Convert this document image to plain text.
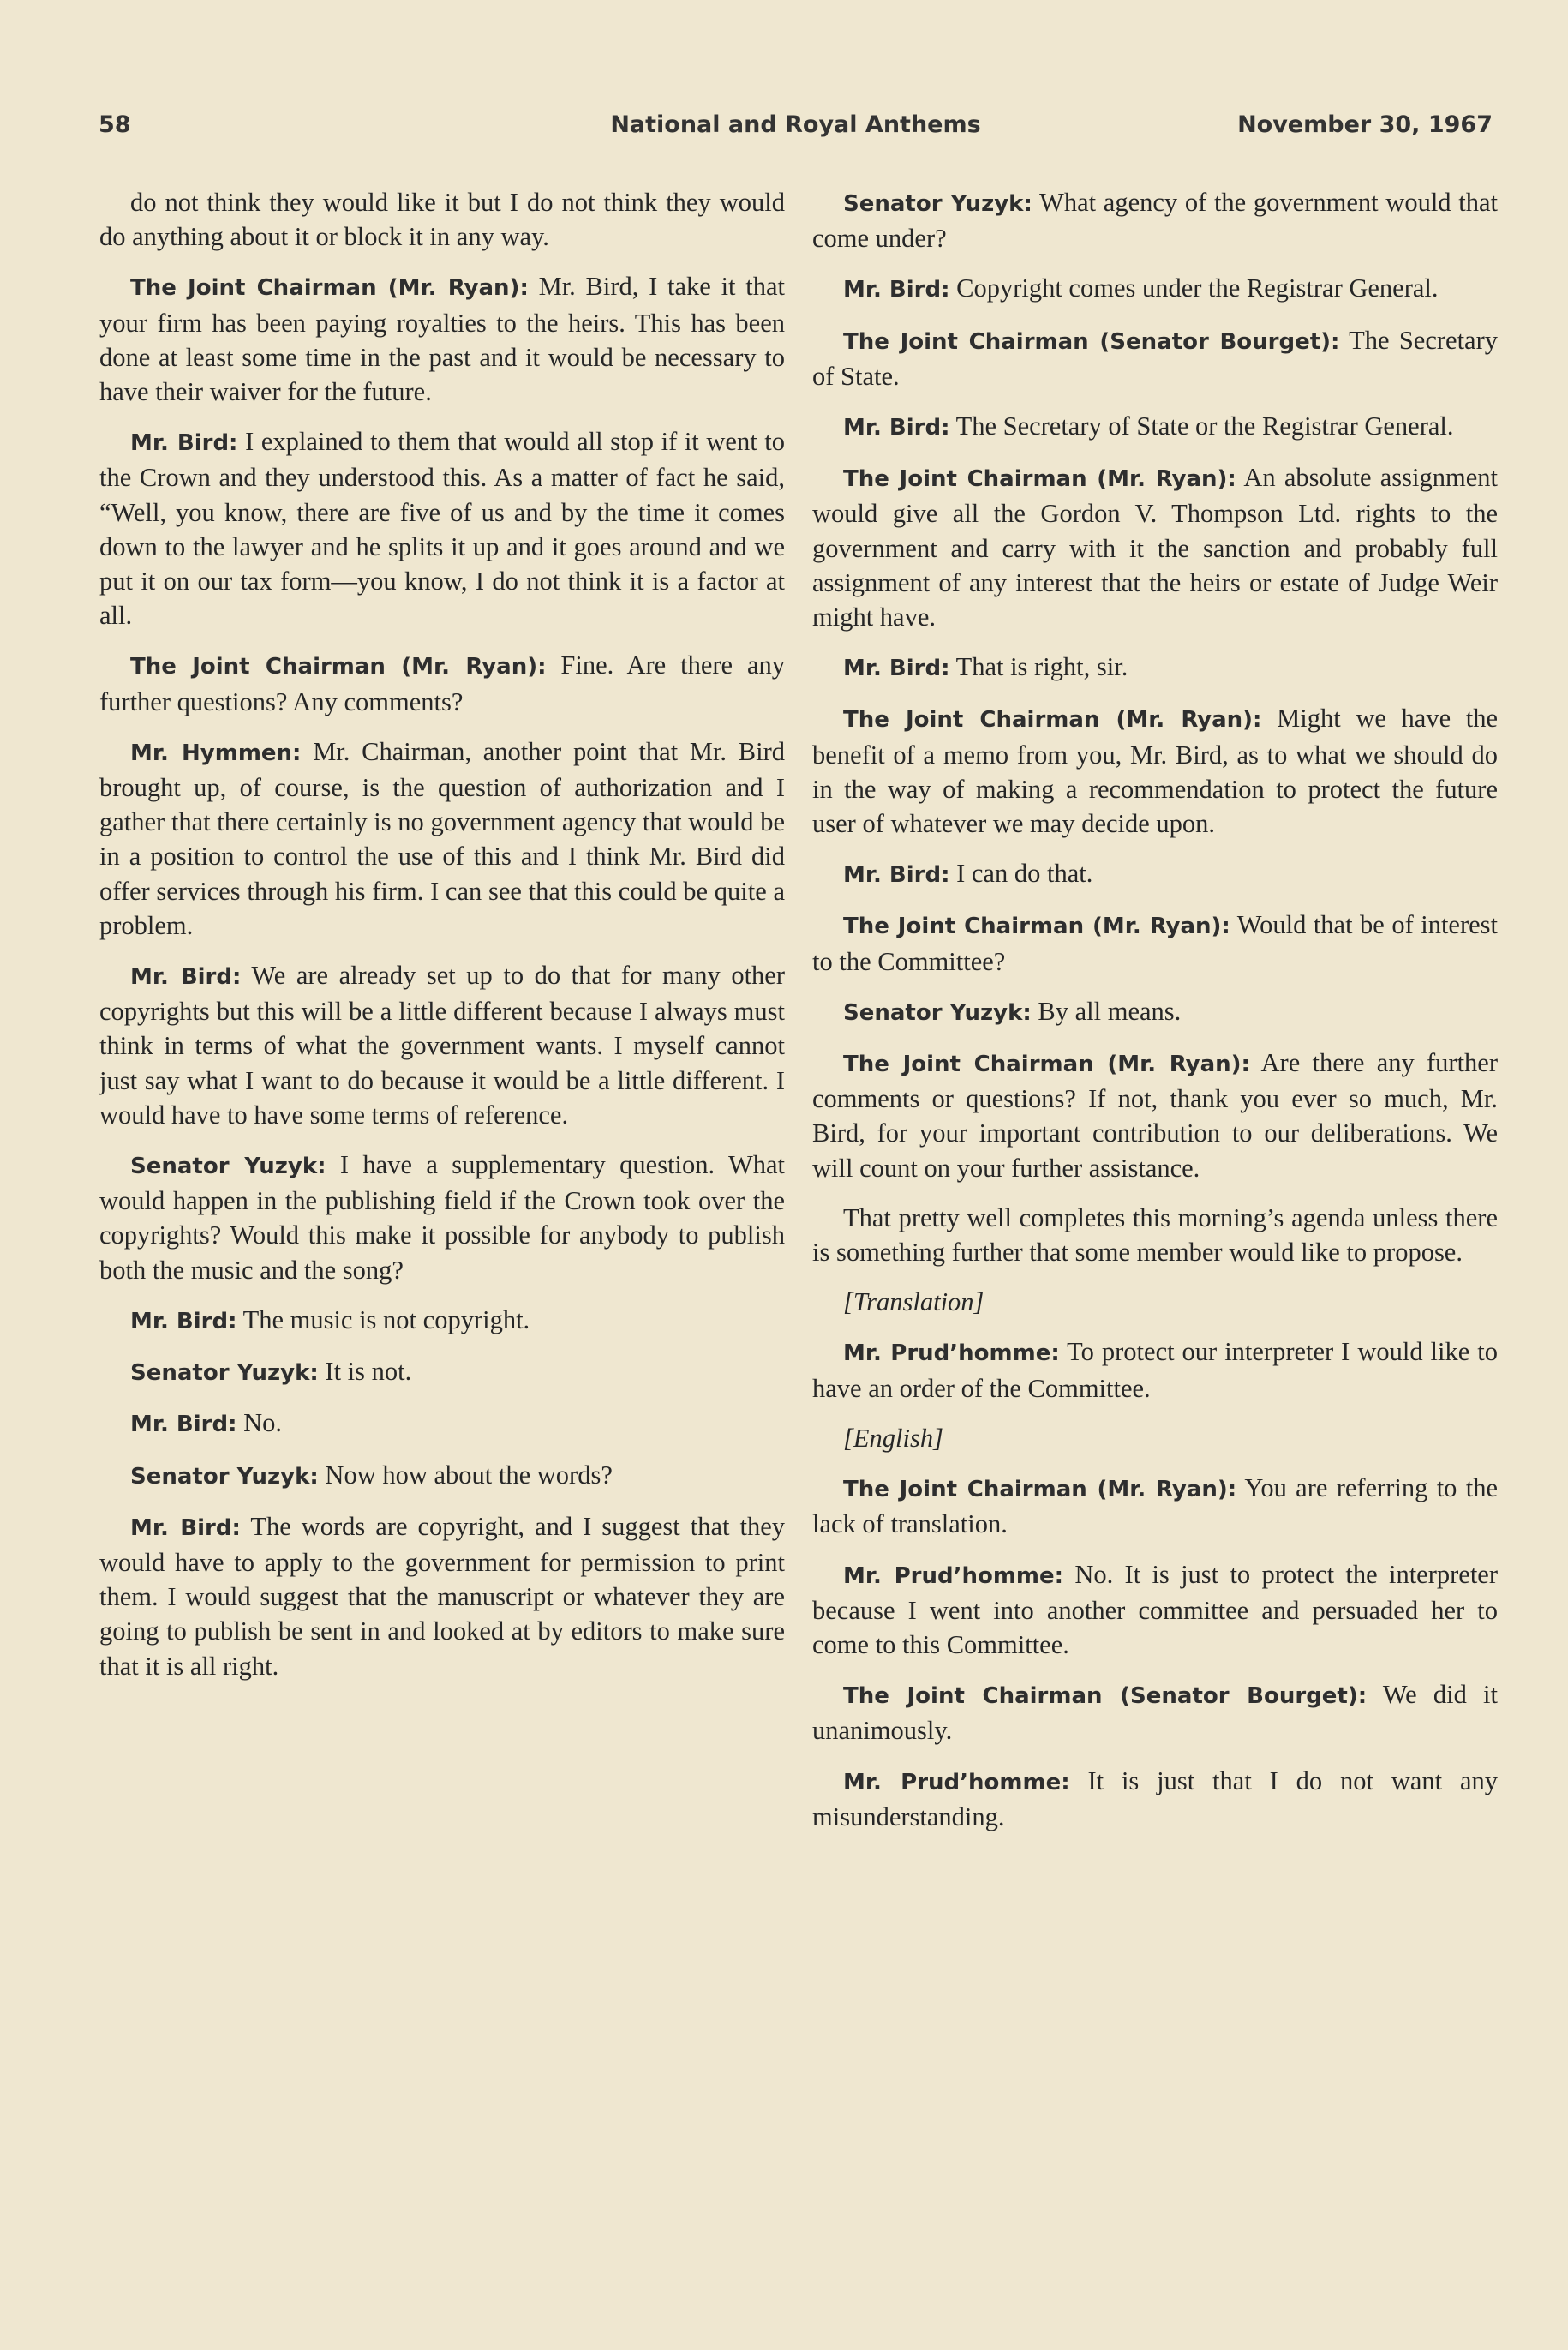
58	National and Royal Anthems	November 30, 1967

do not think they would like it but I do not think they would do anything about it or block it in any way.

The Joint Chairman (Mr. Ryan): Mr. Bird, I take it that your firm has been paying royalties to the heirs. This has been done at least some time in the past and it would be necessary to have their waiver for the future.

Mr. Bird: I explained to them that would all stop if it went to the Crown and they understood this. As a matter of fact he said, “Well, you know, there are five of us and by the time it comes down to the lawyer and he splits it up and it goes around and we put it on our tax form—you know, I do not think it is a factor at all.

The Joint Chairman (Mr. Ryan): Fine. Are there any further questions? Any comments?

Mr. Hymmen: Mr. Chairman, another point that Mr. Bird brought up, of course, is the question of authorization and I gather that there certainly is no government agency that would be in a position to control the use of this and I think Mr. Bird did offer services through his firm. I can see that this could be quite a problem.

Mr. Bird: We are already set up to do that for many other copyrights but this will be a little different because I always must think in terms of what the government wants. I myself cannot just say what I want to do because it would be a little different. I would have to have some terms of reference.

Senator Yuzyk: I have a supplementary question. What would happen in the publishing field if the Crown took over the copyrights? Would this make it possible for anybody to publish both the music and the song?

Mr. Bird: The music is not copyright.

Senator Yuzyk: It is not.

Mr. Bird: No.

Senator Yuzyk: Now how about the words?

Mr. Bird: The words are copyright, and I suggest that they would have to apply to the government for permission to print them. I would suggest that the manuscript or whatever they are going to publish be sent in and looked at by editors to make sure that it is all right.

Senator Yuzyk: What agency of the government would that come under?

Mr. Bird: Copyright comes under the Registrar General.

The Joint Chairman (Senator Bourget): The Secretary of State.

Mr. Bird: The Secretary of State or the Registrar General.

The Joint Chairman (Mr. Ryan): An absolute assignment would give all the Gordon V. Thompson Ltd. rights to the government and carry with it the sanction and probably full assignment of any interest that the heirs or estate of Judge Weir might have.

Mr. Bird: That is right, sir.

The Joint Chairman (Mr. Ryan): Might we have the benefit of a memo from you, Mr. Bird, as to what we should do in the way of making a recommendation to protect the future user of whatever we may decide upon.

Mr. Bird: I can do that.

The Joint Chairman (Mr. Ryan): Would that be of interest to the Committee?

Senator Yuzyk: By all means.

The Joint Chairman (Mr. Ryan): Are there any further comments or questions? If not, thank you ever so much, Mr. Bird, for your important contribution to our deliberations. We will count on your further assistance.

That pretty well completes this morning’s agenda unless there is something further that some member would like to propose.

[Translation]

Mr. Prud’homme: To protect our interpreter I would like to have an order of the Committee.

[English]

The Joint Chairman (Mr. Ryan): You are referring to the lack of translation.

Mr. Prud’homme: No. It is just to protect the interpreter because I went into another committee and persuaded her to come to this Committee.

The Joint Chairman (Senator Bourget): We did it unanimously.

Mr. Prud’homme: It is just that I do not want any misunderstanding.
